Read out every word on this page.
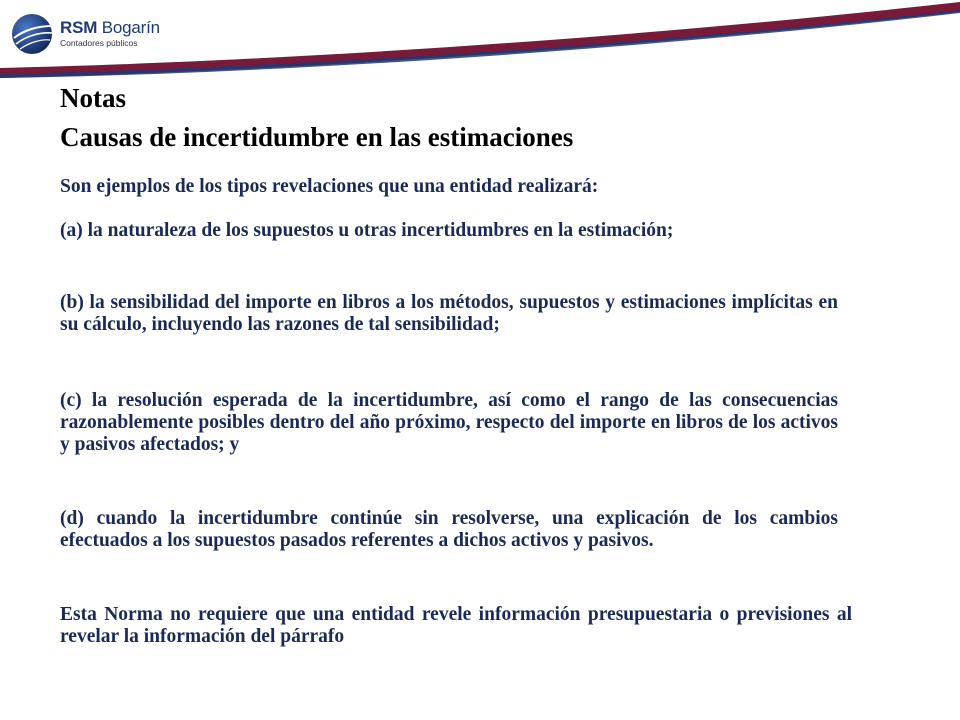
RSM Bogarín
Contadores públicos
Notas
Causas de incertidumbre en las estimaciones
Son ejemplos de los tipos revelaciones que una entidad realizará:
(a) la naturaleza de los supuestos u otras incertidumbres en la estimación;
(b) la sensibilidad del importe en libros a los métodos, supuestos y estimaciones implícitas en su cálculo, incluyendo las razones de tal sensibilidad;
(c) la resolución esperada de la incertidumbre, así como el rango de las consecuencias razonablemente posibles dentro del año próximo, respecto del importe en libros de los activos y pasivos afectados; y
(d) cuando la incertidumbre continúe sin resolverse, una explicación de los cambios efectuados a los supuestos pasados referentes a dichos activos y pasivos.
Esta Norma no requiere que una entidad revele información presupuestaria o previsiones al revelar la información del párrafo
